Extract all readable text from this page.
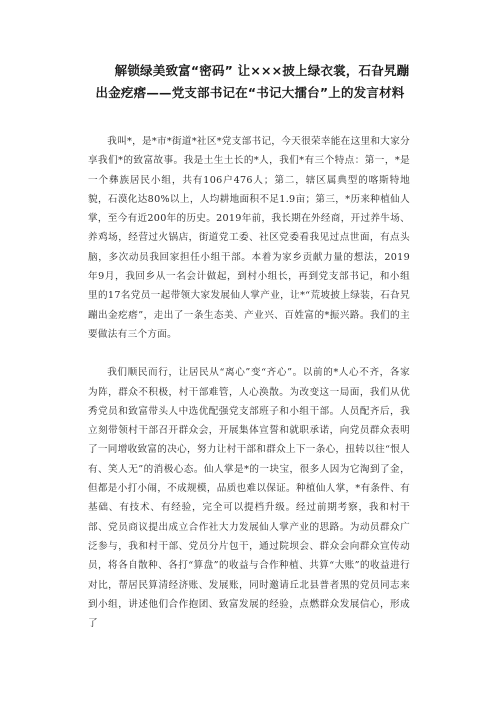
解锁绿美致富“密码” 让×××披上绿衣裳，石旮旯蹦
出金疙瘩——党支部书记在“书记大擂台”上的发言材料

我叫*，是*市*街道*社区*党支部书记，今天很荣幸能在这里和大家分享我们*的致富故事。我是土生土长的*人，我们*有三个特点：第一，*是一个彝族居民小组，共有106户476人；第二，辖区属典型的喀斯特地貌，石漠化达80%以上，人均耕地面积不足1.9亩；第三，*历来种植仙人掌，至今有近200年的历史。2019年前，我长期在外经商，开过养牛场、养鸡场，经营过火锅店，街道党工委、社区党委看我见过点世面，有点头脑，多次动员我回家担任小组干部。本着为家乡贡献力量的想法，2019年9月，我回乡从一名会计做起，到村小组长，再到党支部书记，和小组里的17名党员一起带领大家发展仙人掌产业，让*“荒坡披上绿装，石旮旯蹦出金疙瘩”，走出了一条生态美、产业兴、百姓富的*振兴路。我们的主要做法有三个方面。

我们顺民而行，让居民从“离心”变“齐心”。以前的*人心不齐，各家为阵，群众不积极，村干部难管，人心涣散。为改变这一局面，我们从优秀党员和致富带头人中选优配强党支部班子和小组干部。人员配齐后，我立刻带领村干部召开群众会，开展集体宣誓和就职承诺，向党员群众表明了一同增收致富的决心，努力让村干部和群众上下一条心，扭转以往“恨人有、笑人无”的消极心态。仙人掌是*的一块宝，很多人因为它淘到了金，但都是小打小闹，不成规模，品质也难以保证。种植仙人掌，*有条件、有基础、有技术、有经验，完全可以提档升级。经过前期考察，我和村干部、党员商议提出成立合作社大力发展仙人掌产业的思路。为动员群众广泛参与，我和村干部、党员分片包干，通过院坝会、群众会向群众宣传动员，将各自散种、各打“算盘”的收益与合作种植、共算“大账”的收益进行对比，帮居民算清经济账、发展账，同时邀请丘北县普者黑的党员同志来到小组，讲述他们合作抱团、致富发展的经验，点燃群众发展信心，形成了
